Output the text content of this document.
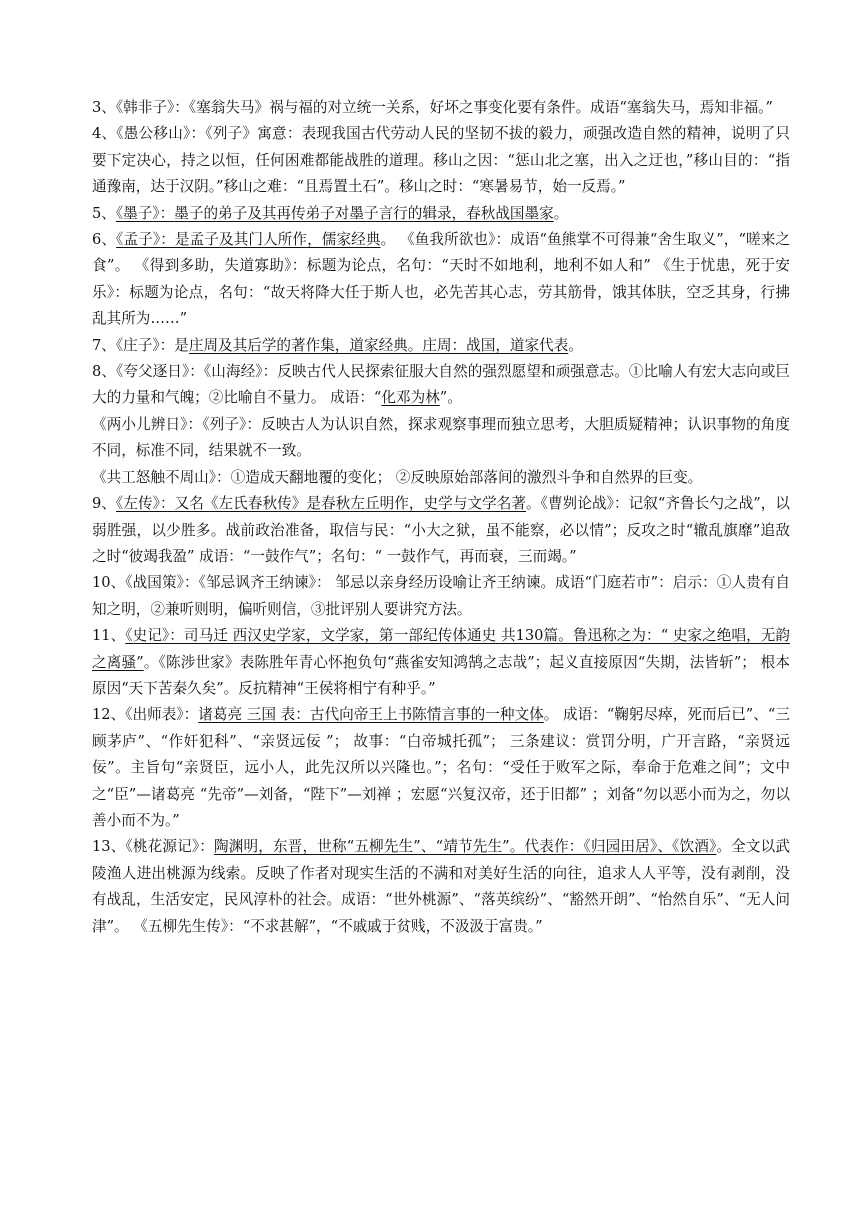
3、《韩非子》：《塞翁失马》祸与福的对立统一关系，好坏之事变化要有条件。成语“塞翁失马，焉知非福。”

4、《愚公移山》：《列子》寓意：表现我国古代劳动人民的坚韧不拔的毅力，顽强改造自然的精神，说明了只要下定决心，持之以恒，任何困难都能战胜的道理。移山之因：“惩山北之塞，出入之迂也，”移山目的：“指通豫南，达于汉阴。”移山之难：“且焉置土石”。移山之时：“寒暑易节，始一反焉。”

5、《墨子》：墨子的弟子及其再传弟子对墨子言行的辑录，春秋战国墨家。

6、《孟子》：是孟子及其门人所作，儒家经典。 《鱼我所欲也》：成语“鱼熊掌不可得兼“舍生取义”，“嗟来之食”。 《得到多助，失道寡助》：标题为论点，名句：“天时不如地利，地利不如人和” 《生于忧患，死于安乐》：标题为论点，名句：“故天将降大任于斯人也，必先苦其心志，劳其筋骨，饿其体肤，空乏其身，行拂乱其所为……”

7、《庄子》：是庄周及其后学的著作集，道家经典。庄周：战国，道家代表。

8、《夸父逐日》：《山海经》：反映古代人民探索征服大自然的强烈愿望和顽强意志。①比喻人有宏大志向或巨大的力量和气魄；②比喻自不量力。 成语：“化邓为林”。

《两小儿辨日》：《列子》：反映古人为认识自然，探求观察事理而独立思考，大胆质疑精神；认识事物的角度不同，标准不同，结果就不一致。

《共工怒触不周山》：①造成天翻地覆的变化； ②反映原始部落间的激烈斗争和自然界的巨变。

9、《左传》：又名《左氏春秋传》是春秋左丘明作，史学与文学名著。《曹刿论战》：记叙“齐鲁长勺之战”，以弱胜强，以少胜多。战前政治准备，取信与民：“小大之狱，虽不能察，必以情”；反攻之时“辙乱旗靡”追敌之时“彼竭我盈” 成语：“一鼓作气”；名句：“ 一鼓作气，再而衰，三而竭。”

10、《战国策》：《邹忌讽齐王纳谏》： 邹忌以亲身经历设喻让齐王纳谏。成语“门庭若市”：启示：①人贵有自知之明，②兼听则明，偏听则信，③批评别人要讲究方法。

11、《史记》：司马迁 西汉史学家，文学家，第一部纪传体通史 共130篇。鲁迅称之为：“ 史家之绝唱，无韵之离骚”。《陈涉世家》表陈胜年青心怀抱负句“燕雀安知鸿鹄之志哉”；起义直接原因“失期，法皆斩”； 根本原因“天下苦秦久矣”。反抗精神“王侯将相宁有种乎。”

12、《出师表》：诸葛亮 三国 表：古代向帝王上书陈情言事的一种文体。 成语：“鞠躬尽瘁，死而后已”、“三顾茅庐”、“作奸犯科”、“亲贤远佞 ”； 故事：“白帝城托孤”； 三条建议：赏罚分明，广开言路，“亲贤远佞”。主旨句“亲贤臣，远小人，此先汉所以兴隆也。”；名句：“受任于败军之际，奉命于危难之间”；文中之“臣”—诸葛亮 “先帝”—刘备，“陛下”—刘禅 ；宏愿“兴复汉帝，还于旧都” ；刘备“勿以恶小而为之，勿以善小而不为。”

13、《桃花源记》：陶渊明，东晋，世称“五柳先生”、“靖节先生”。代表作：《归园田居》、《饮酒》。全文以武陵渔人进出桃源为线索。反映了作者对现实生活的不满和对美好生活的向往，追求人人平等，没有剥削，没有战乱，生活安定，民风淳朴的社会。成语：“世外桃源”、“落英缤纷”、“豁然开朗”、“怡然自乐”、“无人问津”。 《五柳先生传》：“不求甚解”，“不戚戚于贫贱，不汲汲于富贵。”
